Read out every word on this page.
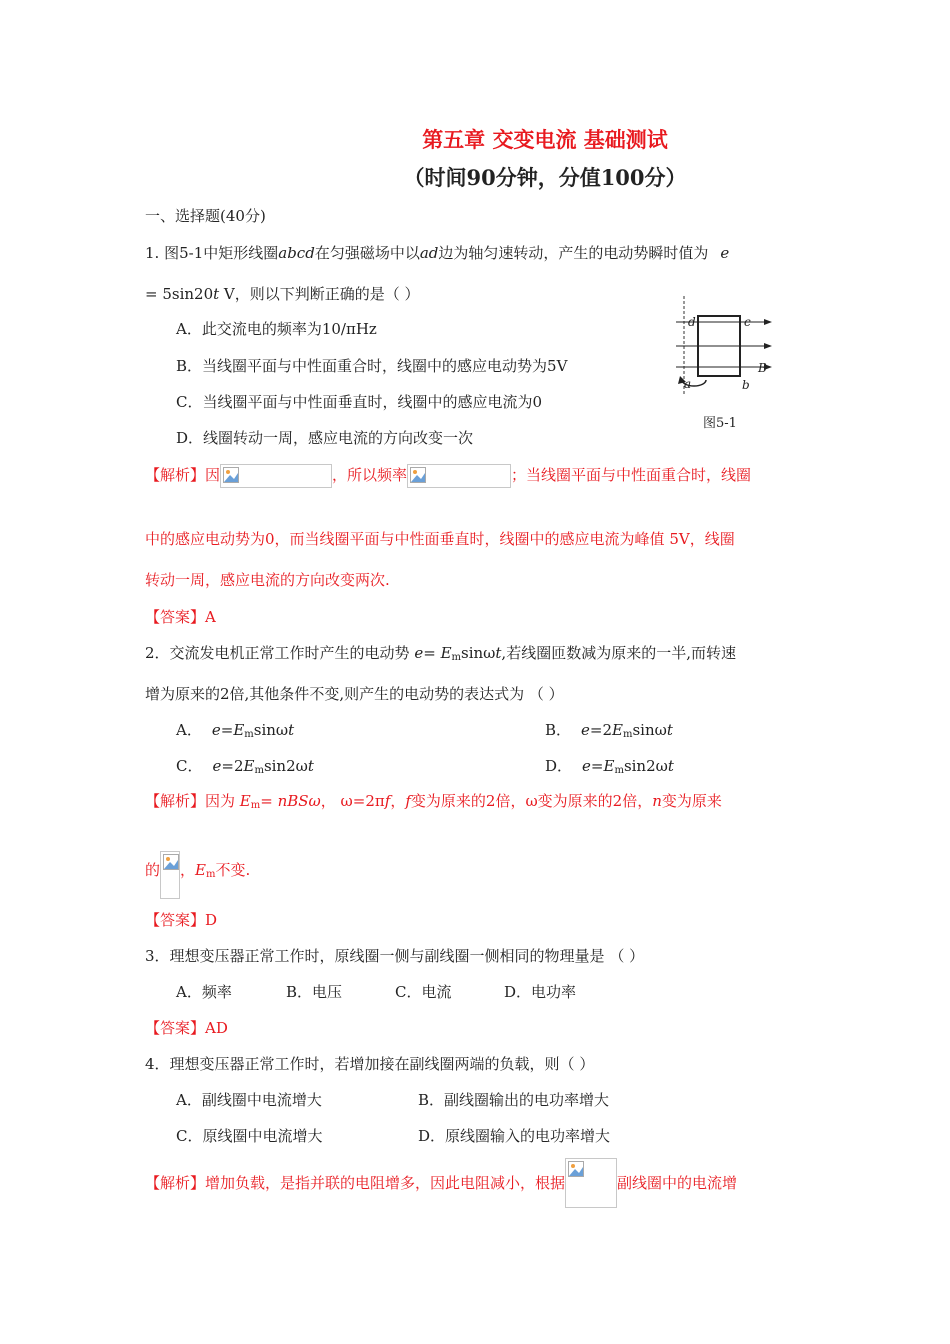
第五章 交变电流 基础测试
（时间90分钟，分值100分）
一、选择题(40分)
1. 图5-1中矩形线圈abcd在匀强磁场中以ad边为轴匀速转动，产生的电动势瞬时值为 e
= 5sin20t V，则以下判断正确的是（ ）
A．此交流电的频率为10/πHz
B．当线圈平面与中性面重合时，线圈中的感应电动势为5V
C．当线圈平面与中性面垂直时，线圈中的感应电流为0
D．线圈转动一周，感应电流的方向改变一次
d	c
a	b
B
图5-1
【解析】因	，所以频率	；当线圈平面与中性面重合时，线圈
中的感应电动势为0，而当线圈平面与中性面垂直时，线圈中的感应电流为峰值 5V，线圈
转动一周，感应电流的方向改变两次.
【答案】A
2．交流发电机正常工作时产生的电动势 $e= E_m\sin\omega t$,若线圈匝数减为原来的一半,而转速
增为原来的2倍,其他条件不变,则产生的电动势的表达式为 （ ）
A． $e=E_m\sin\omega t$	B． $e=2E_m\sin\omega t$
C． $e=2E_m\sin 2\omega t$	D． $e=E_m\sin 2\omega t$
【解析】因为 $E_m= nBS\omega$， ω=2πf，f变为原来的2倍，ω变为原来的2倍，n变为原来
的 ，$E_m$不变.
【答案】D
3．理想变压器正常工作时，原线圈一侧与副线圈一侧相同的物理量是 （ ）
A．频率	B．电压	C．电流	D．电功率
【答案】AD
4．理想变压器正常工作时，若增加接在副线圈两端的负载，则（ ）
A．副线圈中电流增大	B．副线圈输出的电功率增大
C．原线圈中电流增大	D．原线圈输入的电功率增大
【解析】增加负载，是指并联的电阻增多，因此电阻减小，根据	副线圈中的电流增
